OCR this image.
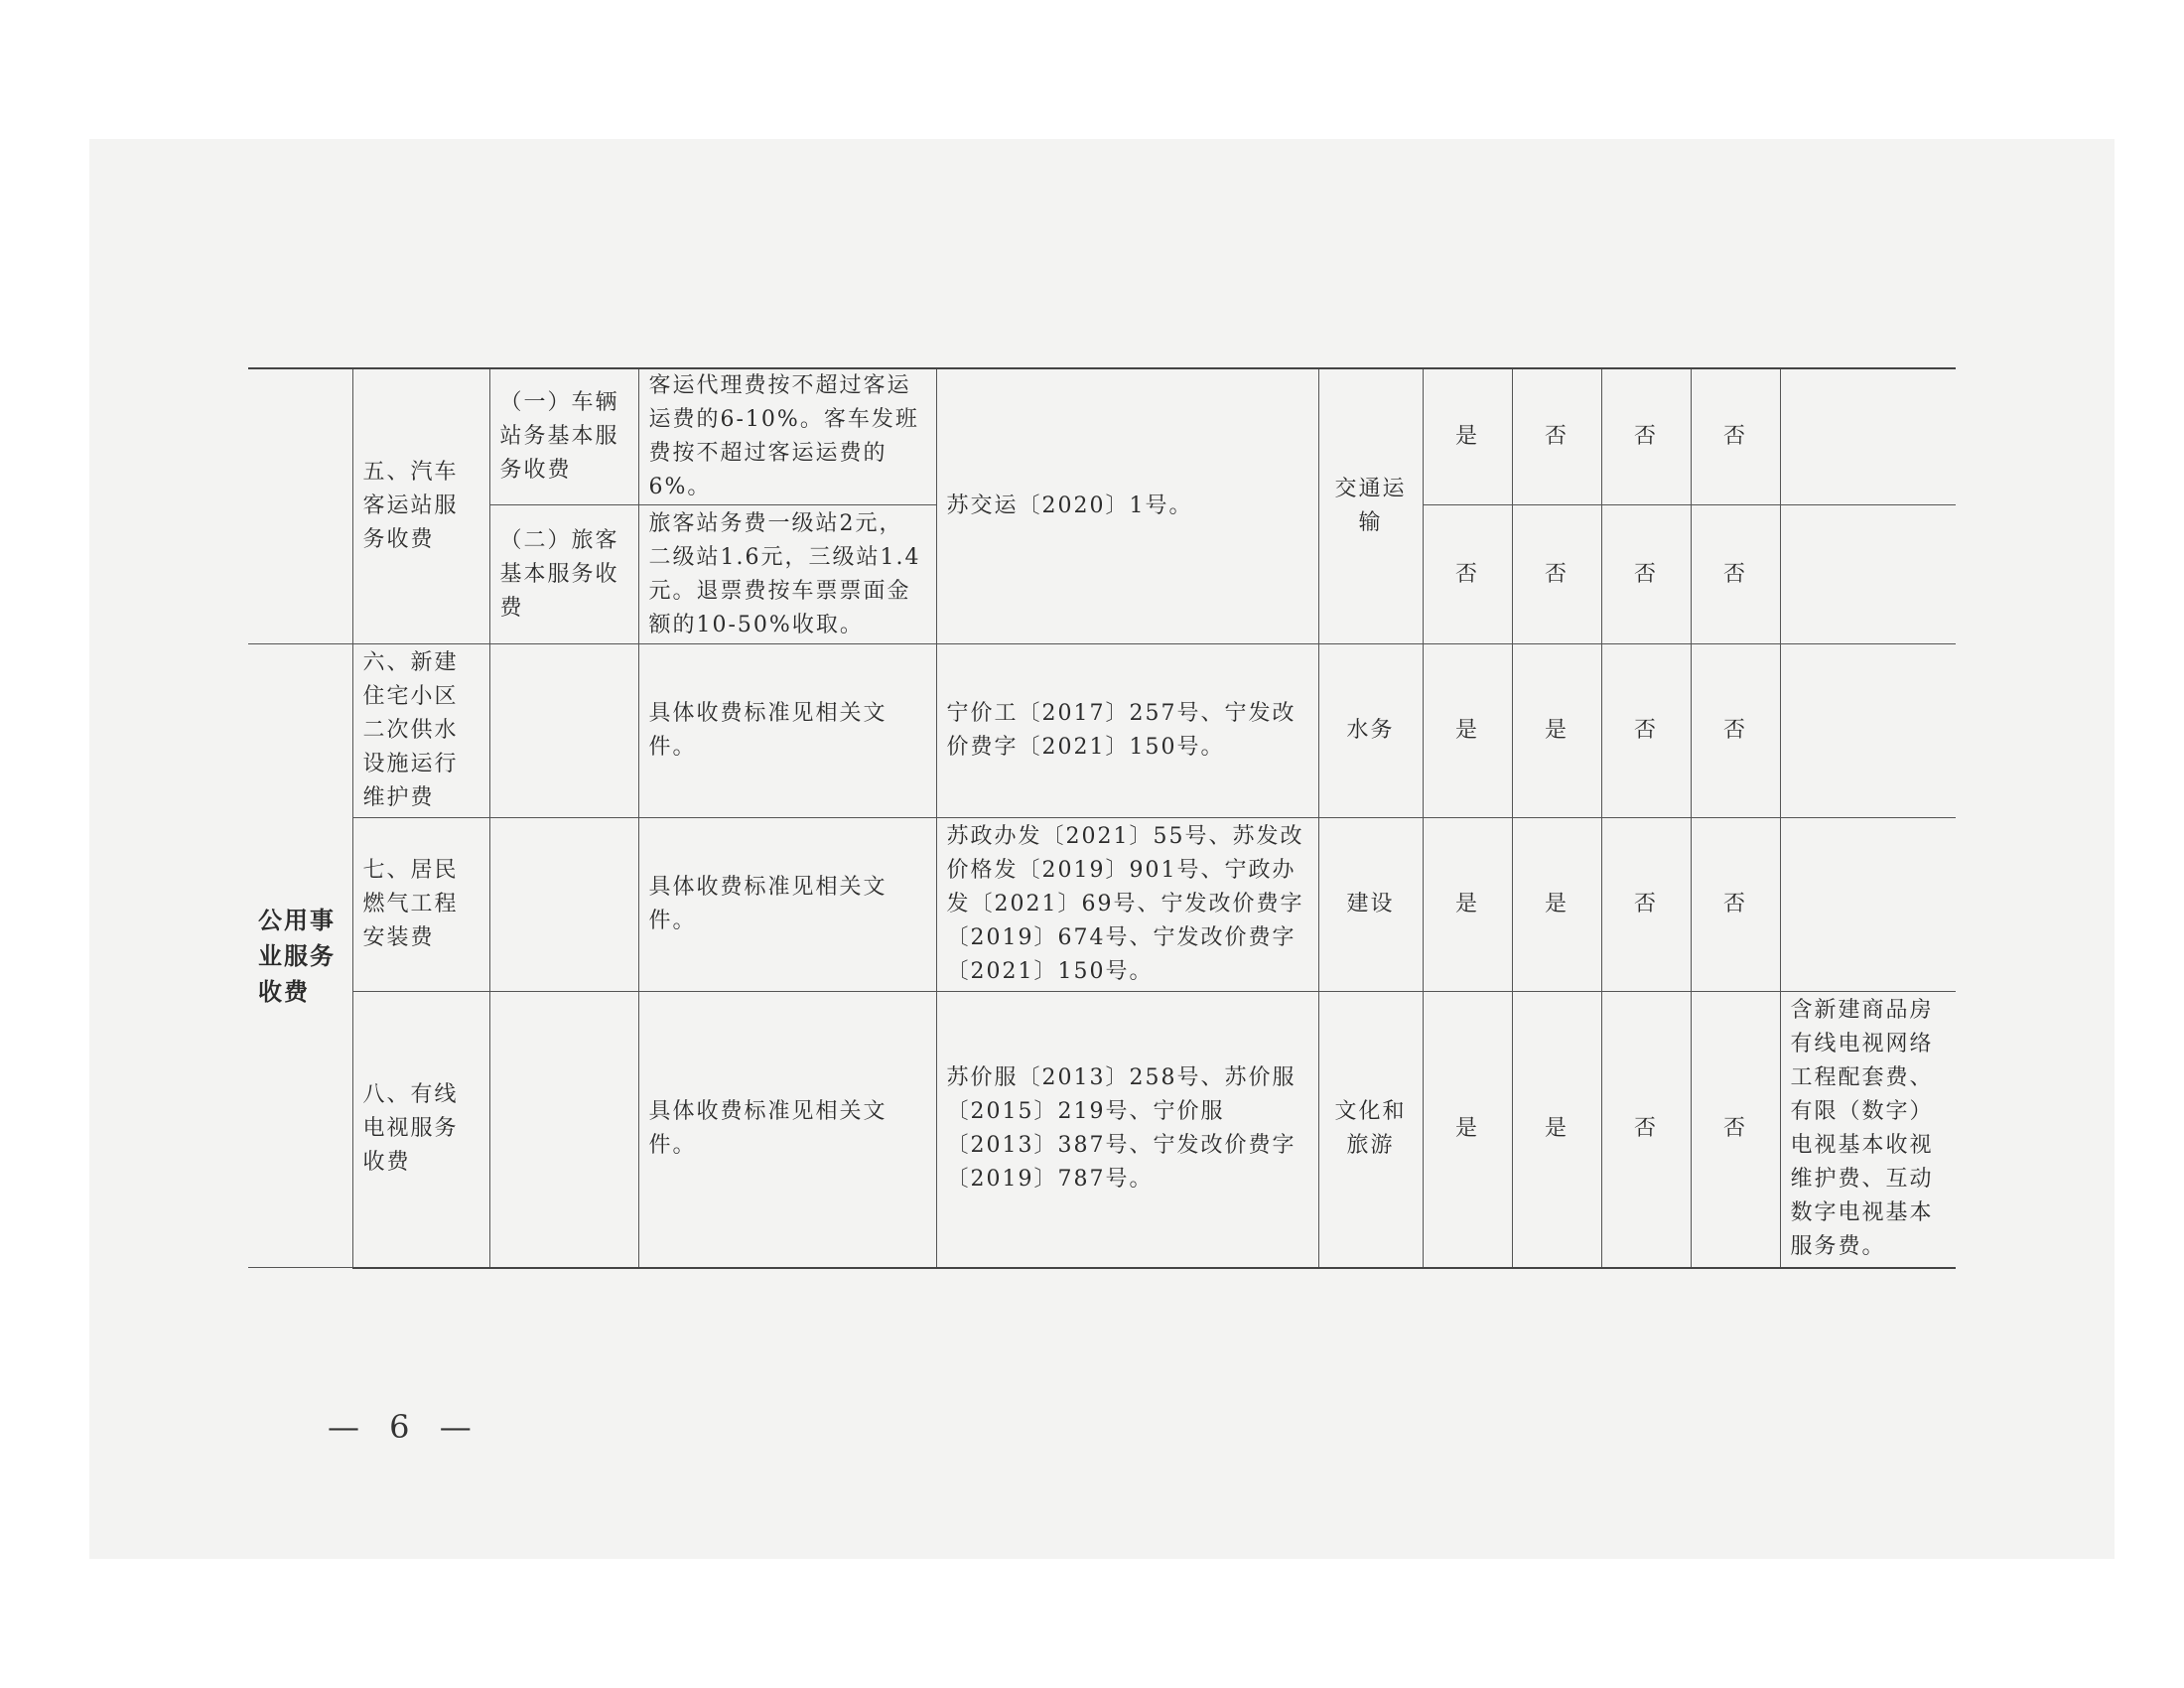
	五、汽车客运站服务收费	（一）车辆站务基本服务收费	客运代理费按不超过客运运费的6-10%。客车发班费按不超过客运运费的6%。	苏交运〔2020〕1号。	交通运输	是	否	否	否	
		（二）旅客基本服务收费	旅客站务费一级站2元，二级站1.6元，三级站1.4元。退票费按车票票面金额的10-50%收取。			否	否	否	否	
公用事业服务收费	六、新建住宅小区二次供水设施运行维护费		具体收费标准见相关文件。	宁价工〔2017〕257号、宁发改价费字〔2021〕150号。	水务	是	是	否	否	
	七、居民燃气工程安装费		具体收费标准见相关文件。	苏政办发〔2021〕55号、苏发改价格发〔2019〕901号、宁政办发〔2021〕69号、宁发改价费字〔2019〕674号、宁发改价费字〔2021〕150号。	建设	是	是	否	否	
	八、有线电视服务收费		具体收费标准见相关文件。	苏价服〔2013〕258号、苏价服〔2015〕219号、宁价服〔2013〕387号、宁发改价费字〔2019〕787号。	文化和旅游	是	是	否	否	含新建商品房有线电视网络工程配套费、有限（数字）电视基本收视维护费、互动数字电视基本服务费。
— 6 —
